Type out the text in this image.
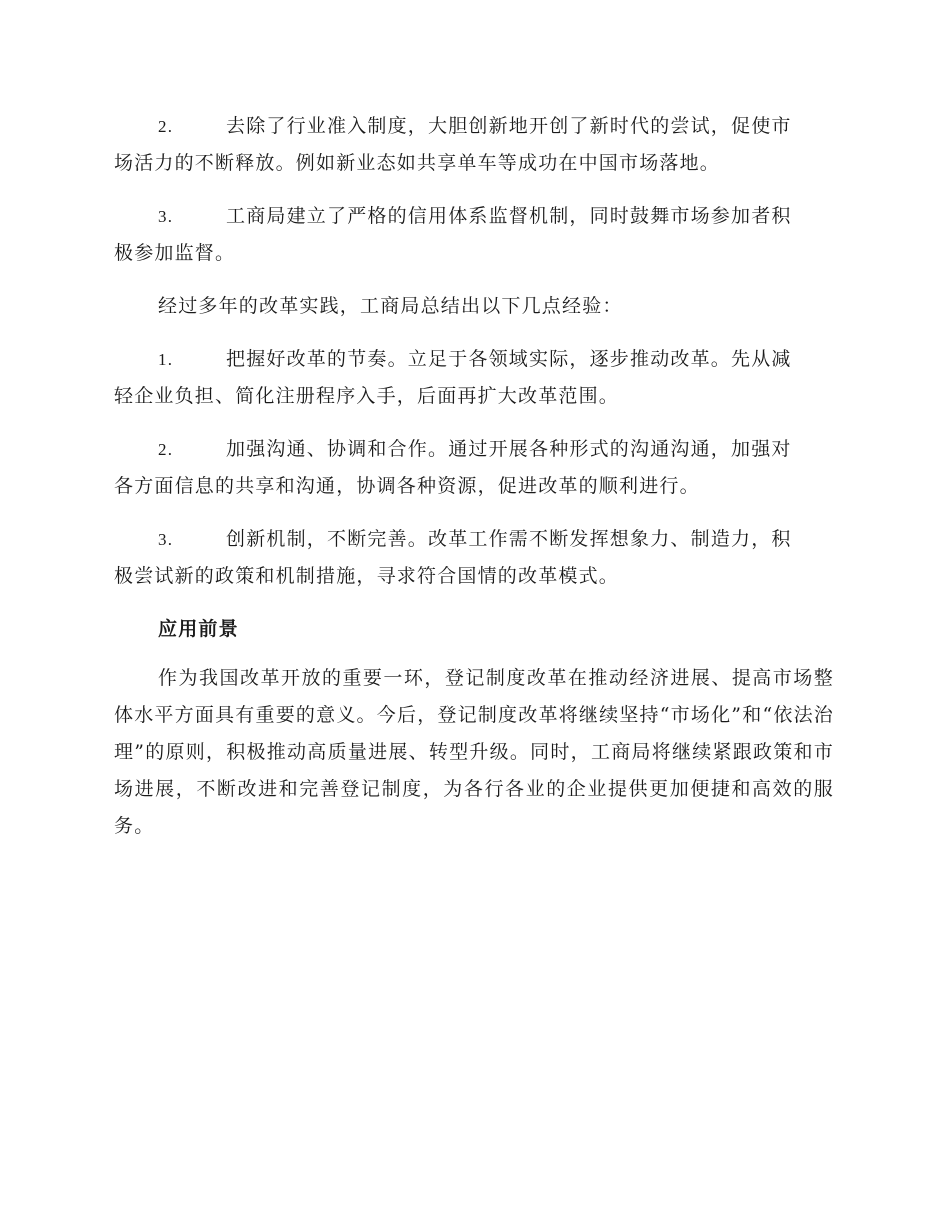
2.	去除了行业准入制度，大胆创新地开创了新时代的尝试，促使市
场活力的不断释放。例如新业态如共享单车等成功在中国市场落地。
3.	工商局建立了严格的信用体系监督机制，同时鼓舞市场参加者积
极参加监督。

经过多年的改革实践，工商局总结出以下几点经验：

1.	把握好改革的节奏。立足于各领域实际，逐步推动改革。先从减
轻企业负担、简化注册程序入手，后面再扩大改革范围。
2.	加强沟通、协调和合作。通过开展各种形式的沟通沟通，加强对
各方面信息的共享和沟通，协调各种资源，促进改革的顺利进行。
3.	创新机制，不断完善。改革工作需不断发挥想象力、制造力，积
极尝试新的政策和机制措施，寻求符合国情的改革模式。
应用前景

作为我国改革开放的重要一环，登记制度改革在推动经济进展、提高市场整体水平方面具有重要的意义。今后，登记制度改革将继续坚持“市场化”和“依法治理”的原则，积极推动高质量进展、转型升级。同时，工商局将继续紧跟政策和市场进展，不断改进和完善登记制度，为各行各业的企业提供更加便捷和高效的服务。
